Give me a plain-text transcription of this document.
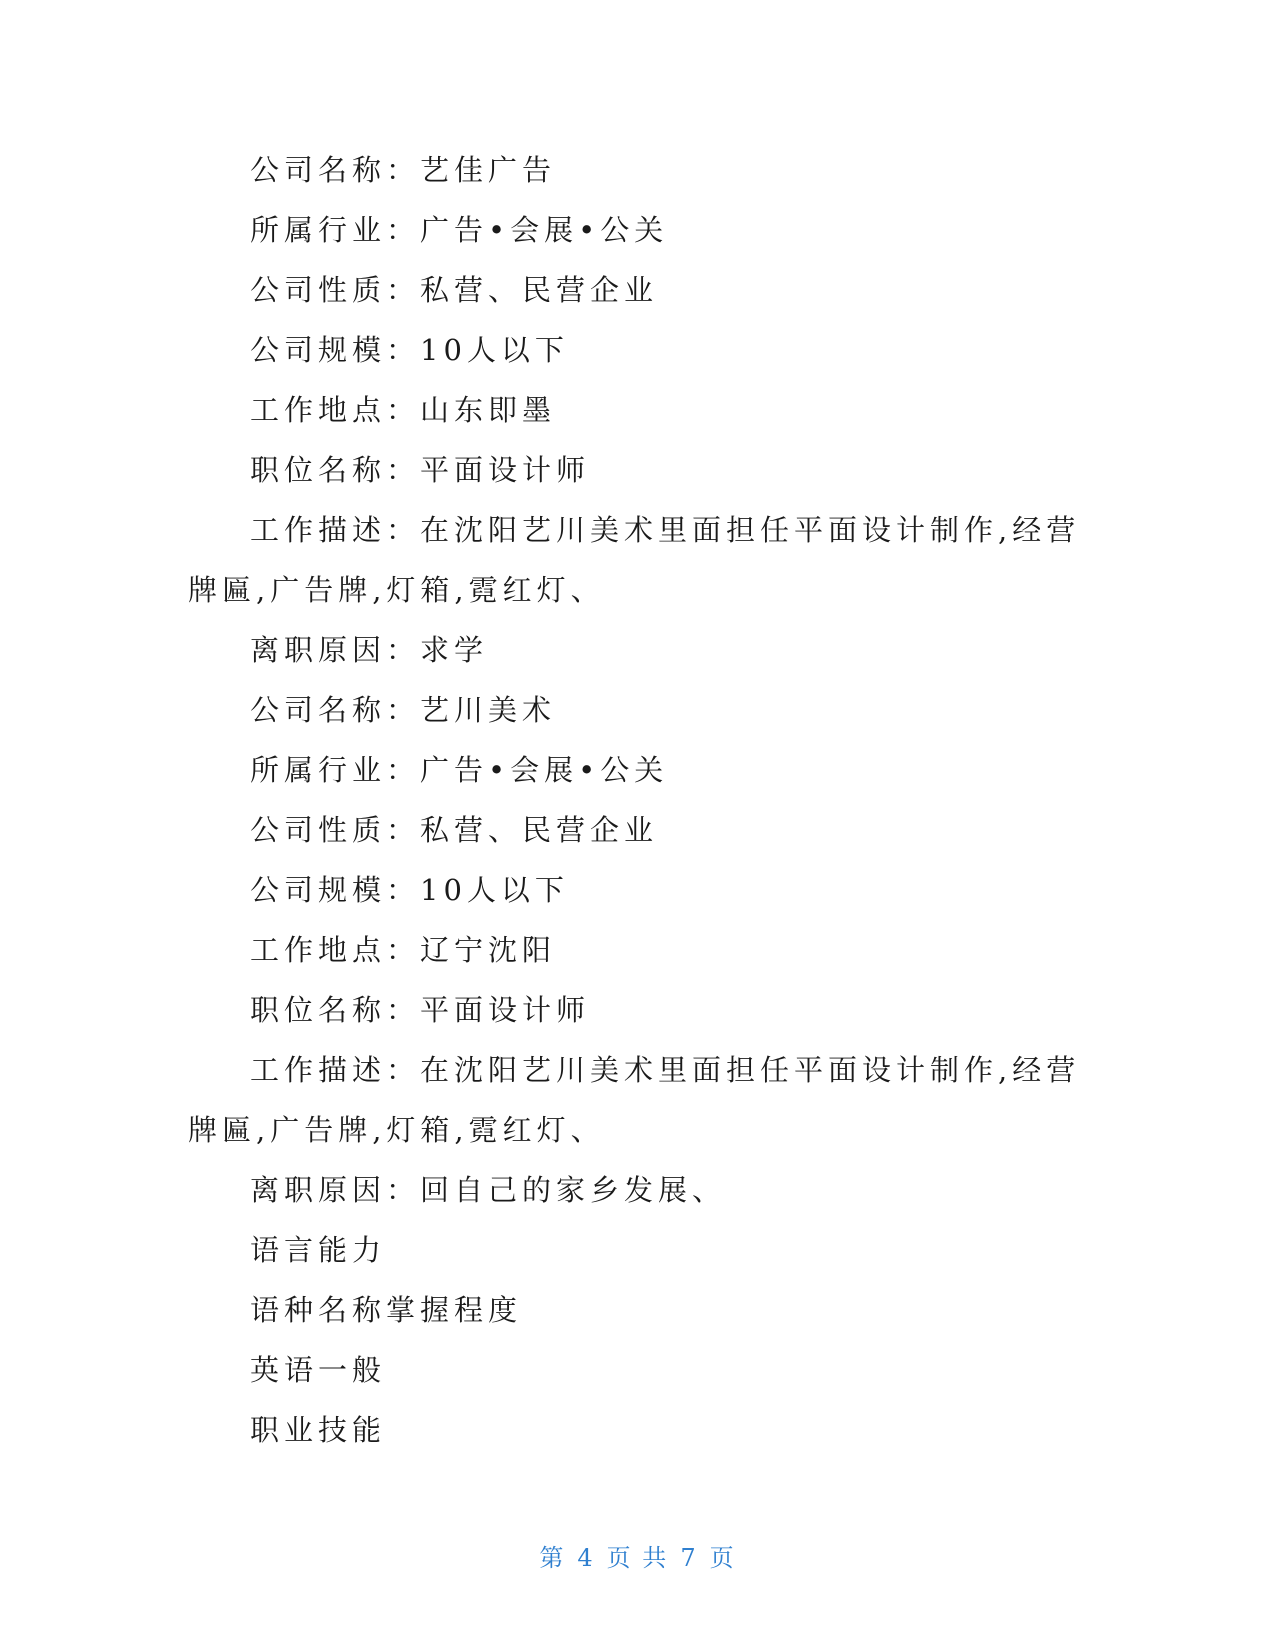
公司名称：艺佳广告

所属行业：广告•会展•公关

公司性质：私营、民营企业

公司规模：10人以下

工作地点：山东即墨

职位名称：平面设计师

工作描述：在沈阳艺川美术里面担任平面设计制作,经营牌匾,广告牌,灯箱,霓红灯、

离职原因：求学

公司名称：艺川美术

所属行业：广告•会展•公关

公司性质：私营、民营企业

公司规模：10人以下

工作地点：辽宁沈阳

职位名称：平面设计师

工作描述：在沈阳艺川美术里面担任平面设计制作,经营牌匾,广告牌,灯箱,霓红灯、

离职原因：回自己的家乡发展、

语言能力

语种名称掌握程度

英语一般

职业技能

第 4 页 共 7 页
